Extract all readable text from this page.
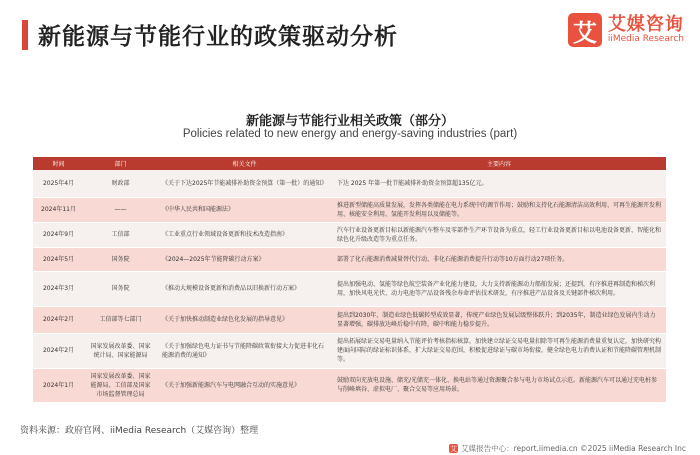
新能源与节能行业的政策驱动分析	艾 艾媒咨询
iiMedia Research
新能源与节能行业相关政策（部分）
Policies related to new energy and energy-saving industries (part)
时间	部门	相关文件	主要内容
2025年4月	财政部	《关于下达2025年节能减排补助资金预算（第一批）的通知》	下达 2025 年第一批节能减排补助资金预算超135亿元。
2024年11月	——	《中华人民共和国能源法》	推进新型储能高质量发展，发挥各类储能在电力系统中的调节作用；鼓励和支持化石能源清洁高效利用、可再生能源开发利用、核能安全利用、氢能开发利用以及储能等。
2024年9月	工信部	《工业重点行业领域设备更新和技术改造指南》	汽车行业设备更新目标以新能源汽车整车及零部件生产环节设备为重点，轻工行业设备更新目标以电池设备更新、智能化和绿色化升级改造等为重点任务。
2024年5月	国务院	《2024—2025年节能降碳行动方案》	部署了化石能源消费减量替代行动、非化石能源消费提升行动等10方面行动27项任务。
2024年3月	国务院	《推动大规模设备更新和消费品以旧换新行动方案》	提出加强电动、氢能等绿色航空装备产业化能力建设，大力支持新能源动力船舶发展；还提到，有序推进再制造和梯次利用，加快风电光伏、动力电池等产品设备残余寿命评估技术研发，有序推进产品设备及关键部件梯次利用。
2024年2月	工信部等七部门	《关于加快推动制造业绿色化发展的指导意见》	提出到2030年，制造业绿色低碳转型成效显著，传统产业绿色发展层级整体跃升；到2035年，制造业绿色发展内生动力显著增强，碳排放达峰后稳中有降，碳中和能力稳步提升。
2024年2月	国家发展改革委、国家统计局、国家能源局	《关于加强绿色电力证书与节能降碳政策衔接大力促进非化石能源消费的通知》	提出拓展绿证交易电量纳入节能评价考核指标核算，加快建立绿证交易电量扣除等可再生能源消费量重复认定，加快研究构建面向国际的绿证标识体系，扩大绿证交易范围，积极促进绿证与碳市场衔接，健全绿色电力消费认证和节能降碳管理机制等。
2024年1月	国家发展改革委、国家能源局、工信部及国家市场监督管理总局	《关于加强新能源汽车与电网融合互动的实施意见》	鼓励双向充放电设施、储充/光储充一体化、换电站等通过资源聚合参与电力市场试点示范。新能源汽车可以通过充电桩参与削峰填谷、虚拟电厂、聚合交易等应用场景。
资料来源：政府官网、iiMedia Research（艾媒咨询）整理
艾 艾媒报告中心：report.iimedia.cn ©2025 iiMedia Research Inc
